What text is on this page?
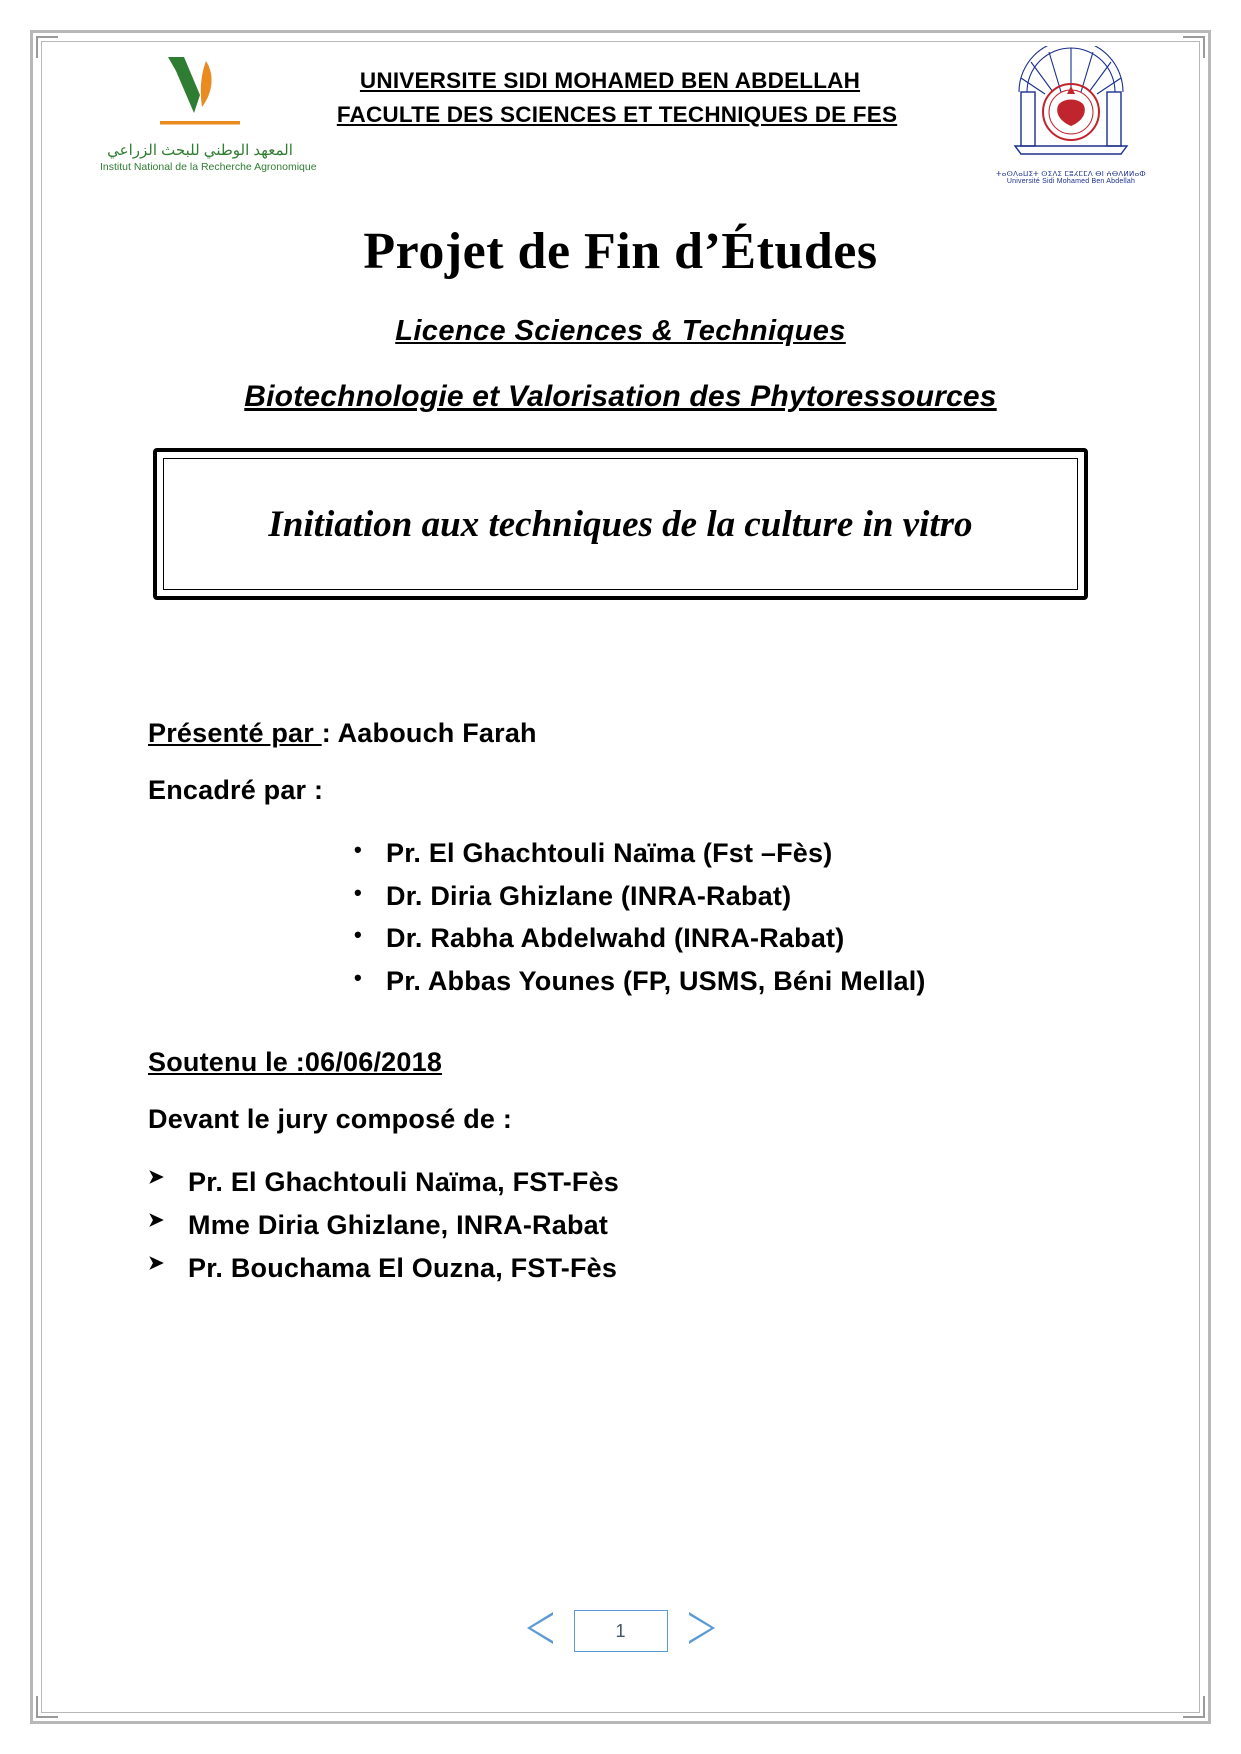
المعهد الوطني للبحث الزراعي
Institut National de la Recherche Agronomique
UNIVERSITE SIDI MOHAMED BEN ABDELLAH
FACULTE DES SCIENCES ET TECHNIQUES DE FES
ⵜⴰⵙⴷⴰⵡⵉⵜ ⵙⵉⴷⵉ ⵎⵓⵃⵎⵎⴷ ⴱⵏ ⵄⴱⴷⵍⵍⴰⵀ
Université Sidi Mohamed Ben Abdellah
Projet de Fin d’Études
Licence Sciences & Techniques
Biotechnologie et Valorisation des Phytoressources
Initiation aux techniques de la culture in vitro
Présenté par : Aabouch Farah
Encadré par :
• Pr. El Ghachtouli Naïma (Fst –Fès)
• Dr. Diria Ghizlane (INRA-Rabat)
• Dr. Rabha Abdelwahd (INRA-Rabat)
• Pr. Abbas Younes (FP, USMS, Béni Mellal)
Soutenu le :06/06/2018
Devant le jury composé de :
➤ Pr. El Ghachtouli Naïma, FST-Fès
➤ Mme Diria Ghizlane, INRA-Rabat
➤ Pr. Bouchama El Ouzna, FST-Fès
1
